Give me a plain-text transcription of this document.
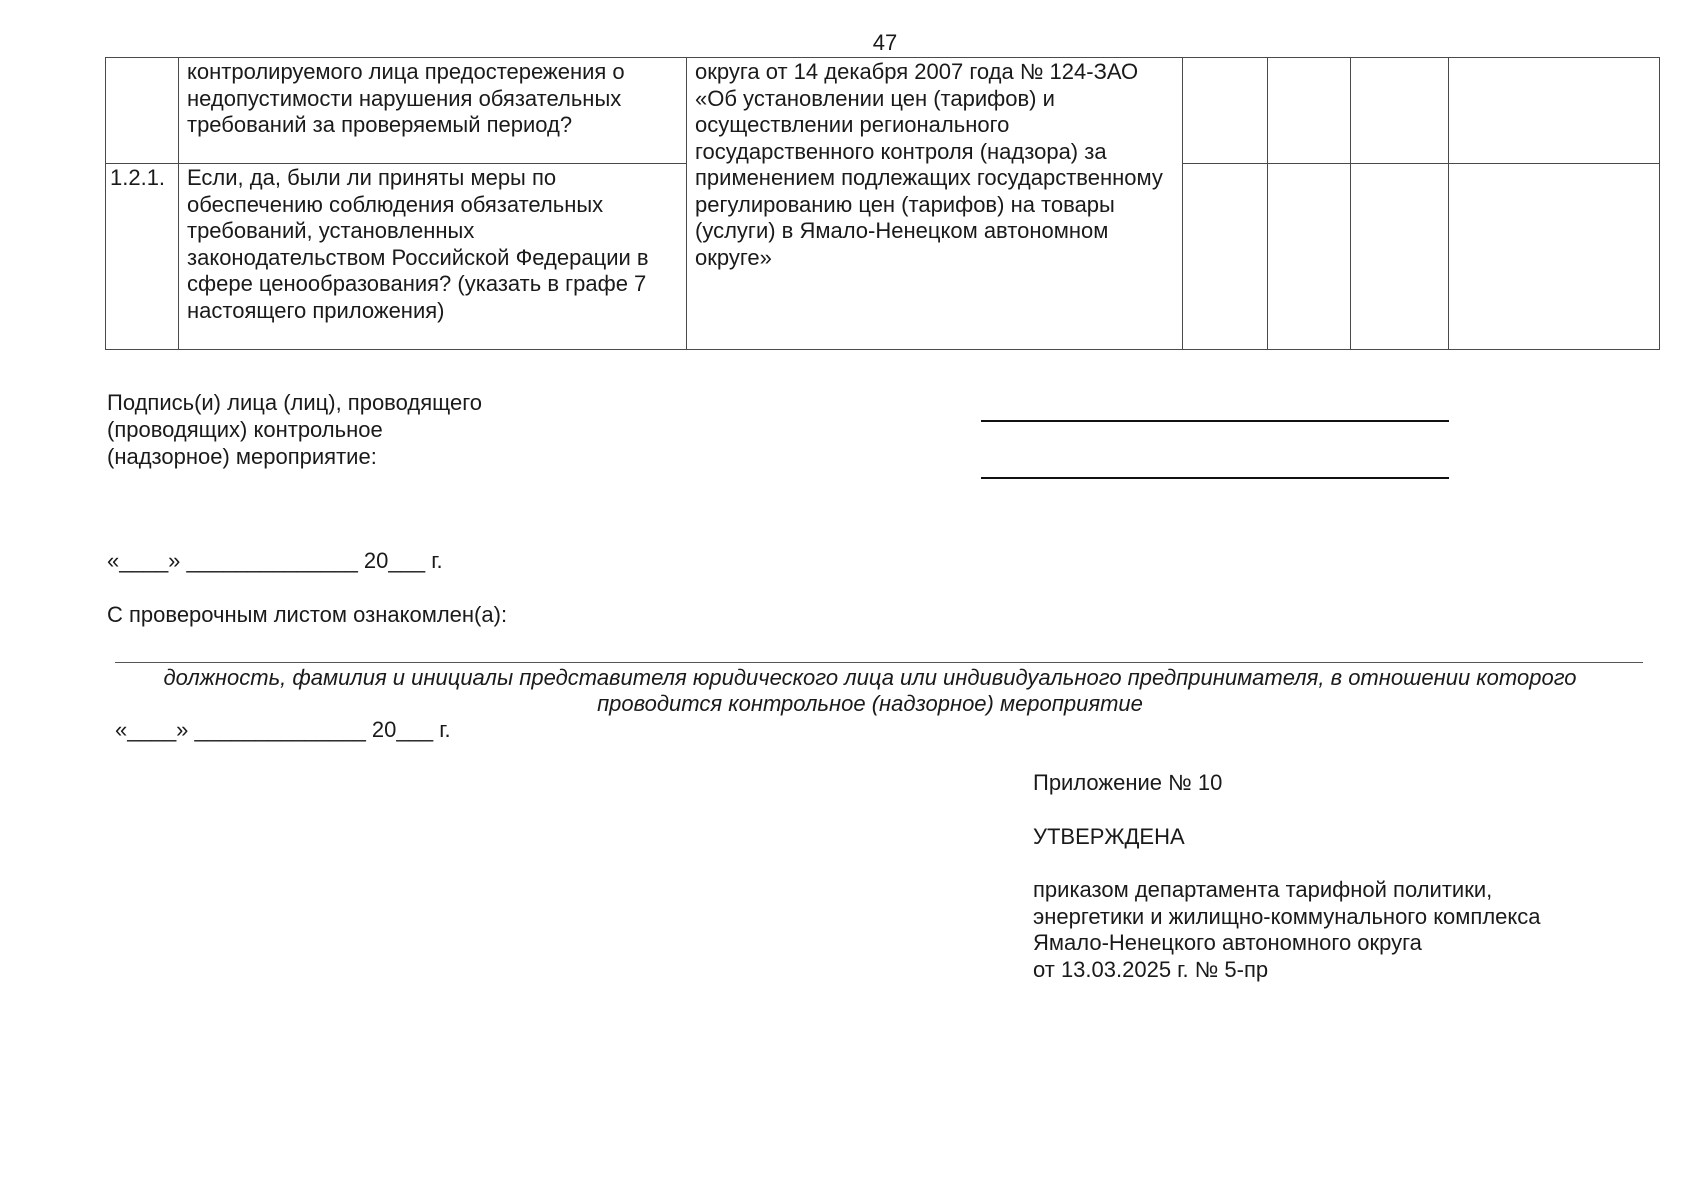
47
	контролируемого лица предостережения о недопустимости нарушения обязательных требований за проверяемый период?	округа от 14 декабря 2007 года № 124-ЗАО «Об установлении цен (тарифов) и осуществлении регионального государственного контроля (надзора) за применением подлежащих государственному регулированию цен (тарифов) на товары (услуги) в Ямало-Ненецком автономном округе»				
1.2.1.	Если, да, были ли приняты меры по обеспечению соблюдения обязательных требований, установленных законодательством Российской Федерации в сфере ценообразования? (указать в графе 7 настоящего приложения)					
Подпись(и) лица (лиц), проводящего
(проводящих) контрольное
(надзорное) мероприятие:
«____» ______________ 20___ г.
С проверочным листом ознакомлен(а):
должность, фамилия и инициалы представителя юридического лица или индивидуального предпринимателя, в отношении которого проводится контрольное (надзорное) мероприятие
«____» ______________ 20___ г.
Приложение № 10
УТВЕРЖДЕНА
приказом департамента тарифной политики,
энергетики и жилищно-коммунального комплекса
Ямало-Ненецкого автономного округа
от 13.03.2025 г. № 5-пр
